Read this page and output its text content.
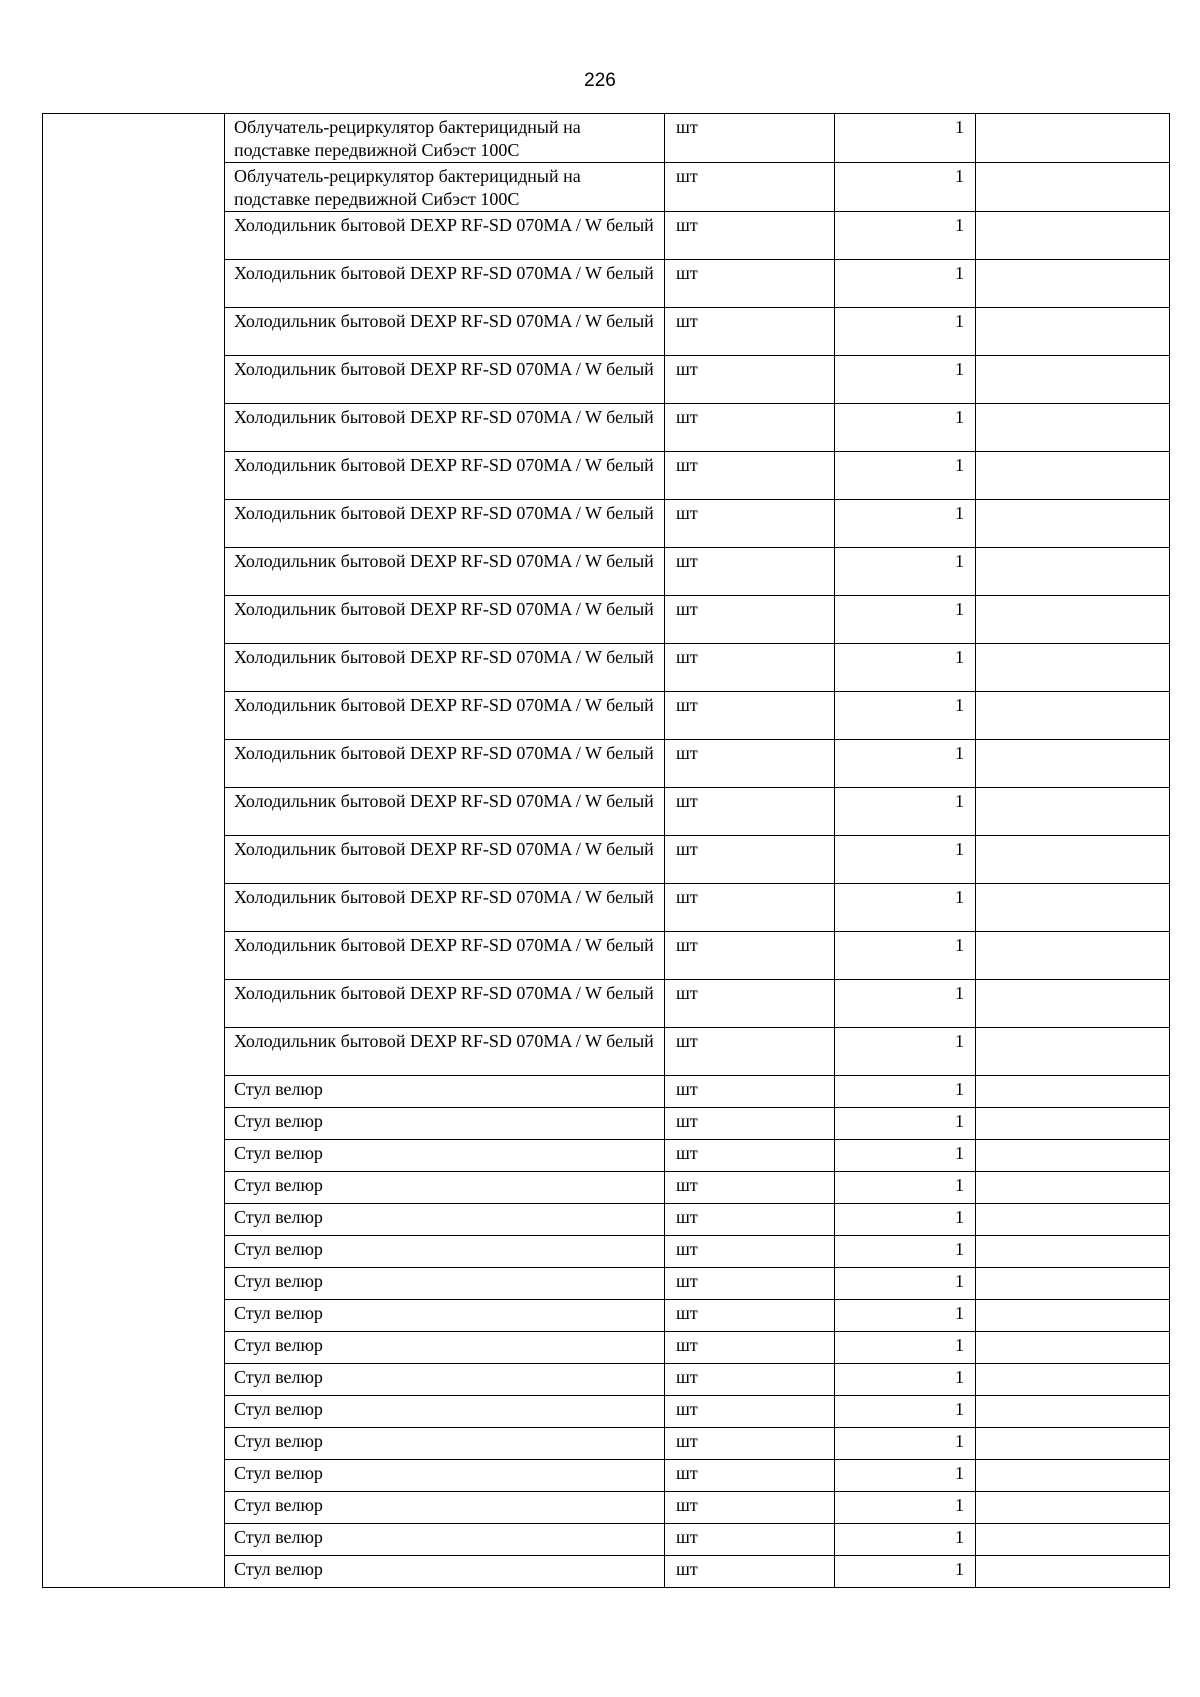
226
	Облучатель-рециркулятор бактерицидный на подставке передвижной Сибэст 100С	шт	1	
	Облучатель-рециркулятор бактерицидный на подставке передвижной Сибэст 100С	шт	1	
	Холодильник бытовой DEXP RF-SD 070MA / W белый	шт	1	
	Холодильник бытовой DEXP RF-SD 070MA / W белый	шт	1	
	Холодильник бытовой DEXP RF-SD 070MA / W белый	шт	1	
	Холодильник бытовой DEXP RF-SD 070MA / W белый	шт	1	
	Холодильник бытовой DEXP RF-SD 070MA / W белый	шт	1	
	Холодильник бытовой DEXP RF-SD 070MA / W белый	шт	1	
	Холодильник бытовой DEXP RF-SD 070MA / W белый	шт	1	
	Холодильник бытовой DEXP RF-SD 070MA / W белый	шт	1	
	Холодильник бытовой DEXP RF-SD 070MA / W белый	шт	1	
	Холодильник бытовой DEXP RF-SD 070MA / W белый	шт	1	
	Холодильник бытовой DEXP RF-SD 070MA / W белый	шт	1	
	Холодильник бытовой DEXP RF-SD 070MA / W белый	шт	1	
	Холодильник бытовой DEXP RF-SD 070MA / W белый	шт	1	
	Холодильник бытовой DEXP RF-SD 070MA / W белый	шт	1	
	Холодильник бытовой DEXP RF-SD 070MA / W белый	шт	1	
	Холодильник бытовой DEXP RF-SD 070MA / W белый	шт	1	
	Холодильник бытовой DEXP RF-SD 070MA / W белый	шт	1	
	Холодильник бытовой DEXP RF-SD 070MA / W белый	шт	1	
	Стул велюр	шт	1	
	Стул велюр	шт	1	
	Стул велюр	шт	1	
	Стул велюр	шт	1	
	Стул велюр	шт	1	
	Стул велюр	шт	1	
	Стул велюр	шт	1	
	Стул велюр	шт	1	
	Стул велюр	шт	1	
	Стул велюр	шт	1	
	Стул велюр	шт	1	
	Стул велюр	шт	1	
	Стул велюр	шт	1	
	Стул велюр	шт	1	
	Стул велюр	шт	1	
	Стул велюр	шт	1	
